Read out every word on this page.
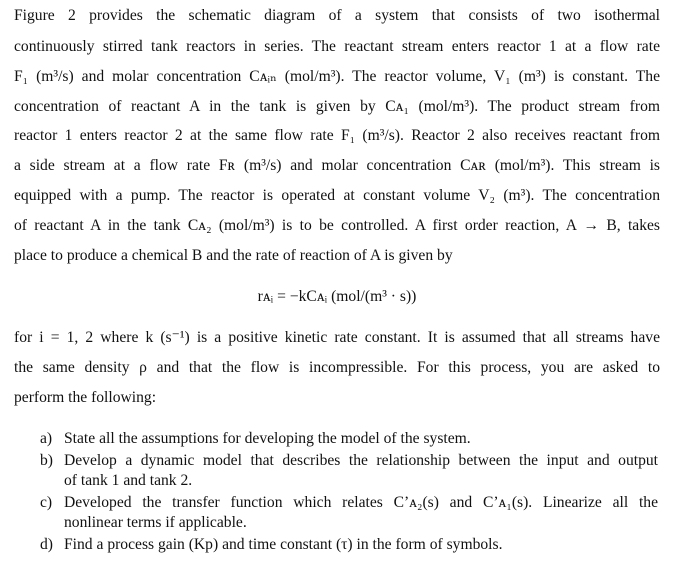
Figure 2 provides the schematic diagram of a system that consists of two isothermal
continuously stirred tank reactors in series. The reactant stream enters reactor 1 at a flow rate
F₁ (m³/s) and molar concentration Cᴀᵢₙ (mol/m³). The reactor volume, V₁ (m³) is constant. The
concentration of reactant A in the tank is given by Cᴀ₁ (mol/m³). The product stream from
reactor 1 enters reactor 2 at the same flow rate F₁ (m³/s). Reactor 2 also receives reactant from
a side stream at a flow rate Fʀ (m³/s) and molar concentration Cᴀʀ (mol/m³). This stream is
equipped with a pump. The reactor is operated at constant volume V₂ (m³). The concentration
of reactant A in the tank Cᴀ₂ (mol/m³) is to be controlled. A first order reaction, A → B, takes
place to produce a chemical B and the rate of reaction of A is given by
rᴀᵢ = −kCᴀᵢ (mol/(m³ · s))
for i = 1, 2 where k (s⁻¹) is a positive kinetic rate constant. It is assumed that all streams have
the same density ρ and that the flow is incompressible. For this process, you are asked to
perform the following:
a) State all the assumptions for developing the model of the system.
b) Develop a dynamic model that describes the relationship between the input and output
of tank 1 and tank 2.
c) Developed the transfer function which relates C’ᴀ₂(s) and C’ᴀ₁(s). Linearize all the
nonlinear terms if applicable.
d) Find a process gain (Kp) and time constant (τ) in the form of symbols.
